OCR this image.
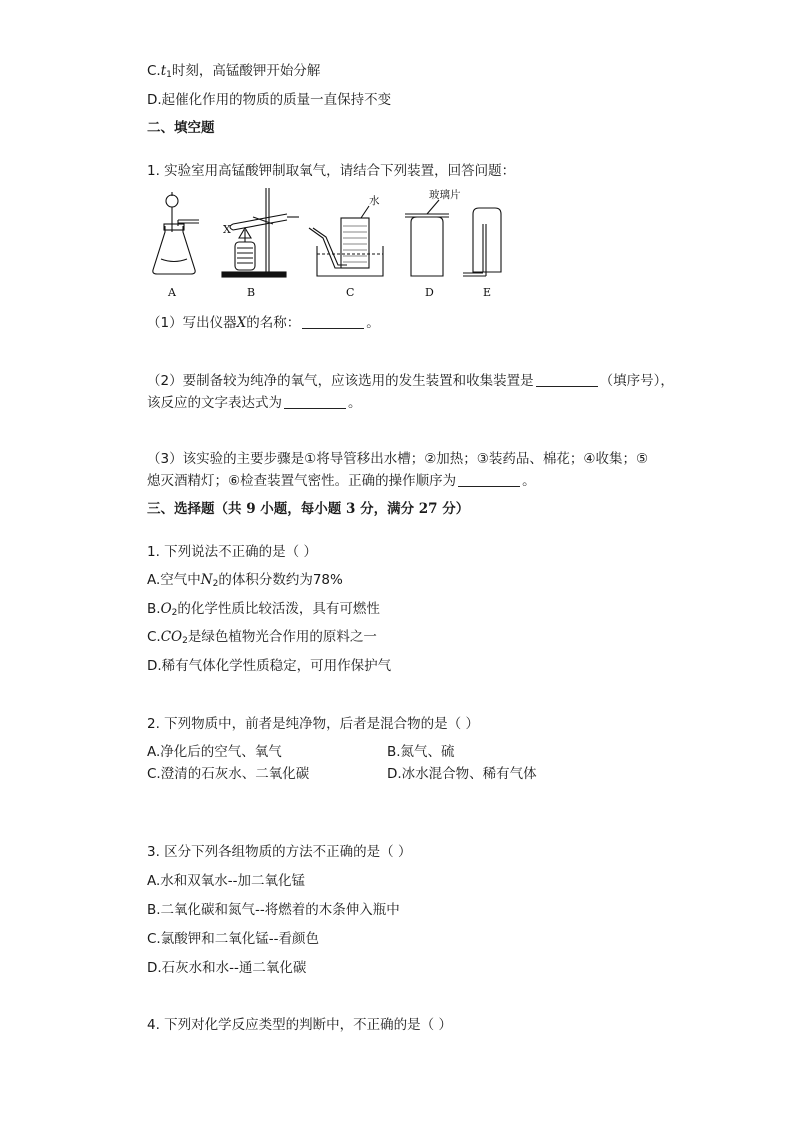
$C.t_1$时刻，高锰酸钾开始分解
D.起催化作用的物质的质量一直保持不变
二、填空题
1. 实验室用高锰酸钾制取氧气，请结合下列装置，回答问题：
水	玻璃片
X
A	B	C	D	E
（1）写出仪器X的名称：	。
（2）要制备较为纯净的氧气，应该选用的发生装置和收集装置是	（填序号），
该反应的文字表达式为	。
（3）该实验的主要步骤是①将导管移出水槽；②加热；③装药品、棉花；④收集；⑤
熄灭酒精灯；⑥检查装置气密性。正确的操作顺序为	。
三、选择题（共 9 小题，每小题 3 分，满分 27 分）
1. 下列说法不正确的是（ ）
A.空气中$N_2$的体积分数约为78%
$B.O_2$的化学性质比较活泼，具有可燃性
$C.CO_2$是绿色植物光合作用的原料之一
D.稀有气体化学性质稳定，可用作保护气
2. 下列物质中，前者是纯净物，后者是混合物的是（ ）
A.净化后的空气、氧气	B.氮气、硫
C.澄清的石灰水、二氧化碳	D.冰水混合物、稀有气体
3. 区分下列各组物质的方法不正确的是（ ）
A.水和双氧水--加二氧化锰
B.二氧化碳和氮气--将燃着的木条伸入瓶中
C.氯酸钾和二氧化锰--看颜色
D.石灰水和水--通二氧化碳
4. 下列对化学反应类型的判断中，不正确的是（ ）
